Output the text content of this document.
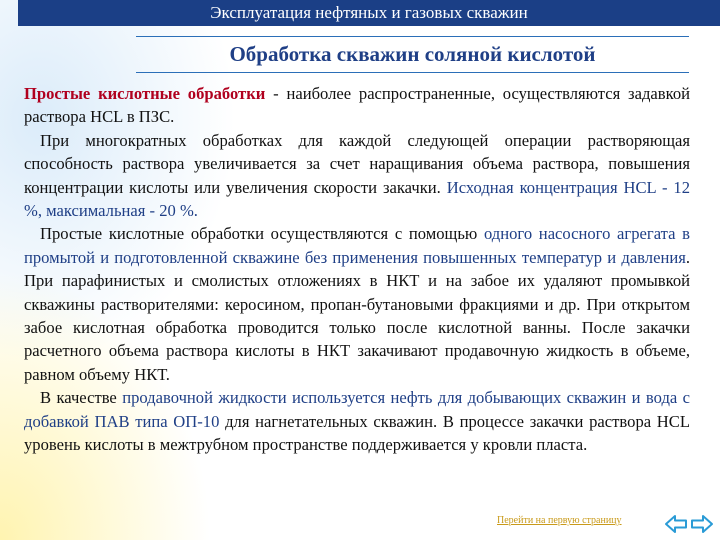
Эксплуатация нефтяных и газовых скважин
Обработка скважин соляной кислотой

Простые кислотные обработки - наиболее распространенные, осуществляются задавкой раствора HCL в ПЗС.

При многократных обработках для каждой следующей операции растворяющая способность раствора увеличивается за счет наращивания объема раствора, повышения концентрации кислоты или увеличения скорости закачки. Исходная концентрация HCL - 12 %, максимальная - 20 %.

Простые кислотные обработки осуществляются с помощью одного насосного агрегата в промытой и подготовленной скважине без применения повышенных температур и давления. При парафинистых и смолистых отложениях в НКТ и на забое их удаляют промывкой скважины растворителями: керосином, пропан-бутановыми фракциями и др. При открытом забое кислотная обработка проводится только после кислотной ванны. После закачки расчетного объема раствора кислоты в НКТ закачивают продавочную жидкость в объеме, равном объему НКТ.

В качестве продавочной жидкости используется нефть для добывающих скважин и вода с добавкой ПАВ типа ОП-10 для нагнетательных скважин. В процессе закачки раствора HCL уровень кислоты в межтрубном пространстве поддерживается у кровли пласта.

Перейти на первую страницу
